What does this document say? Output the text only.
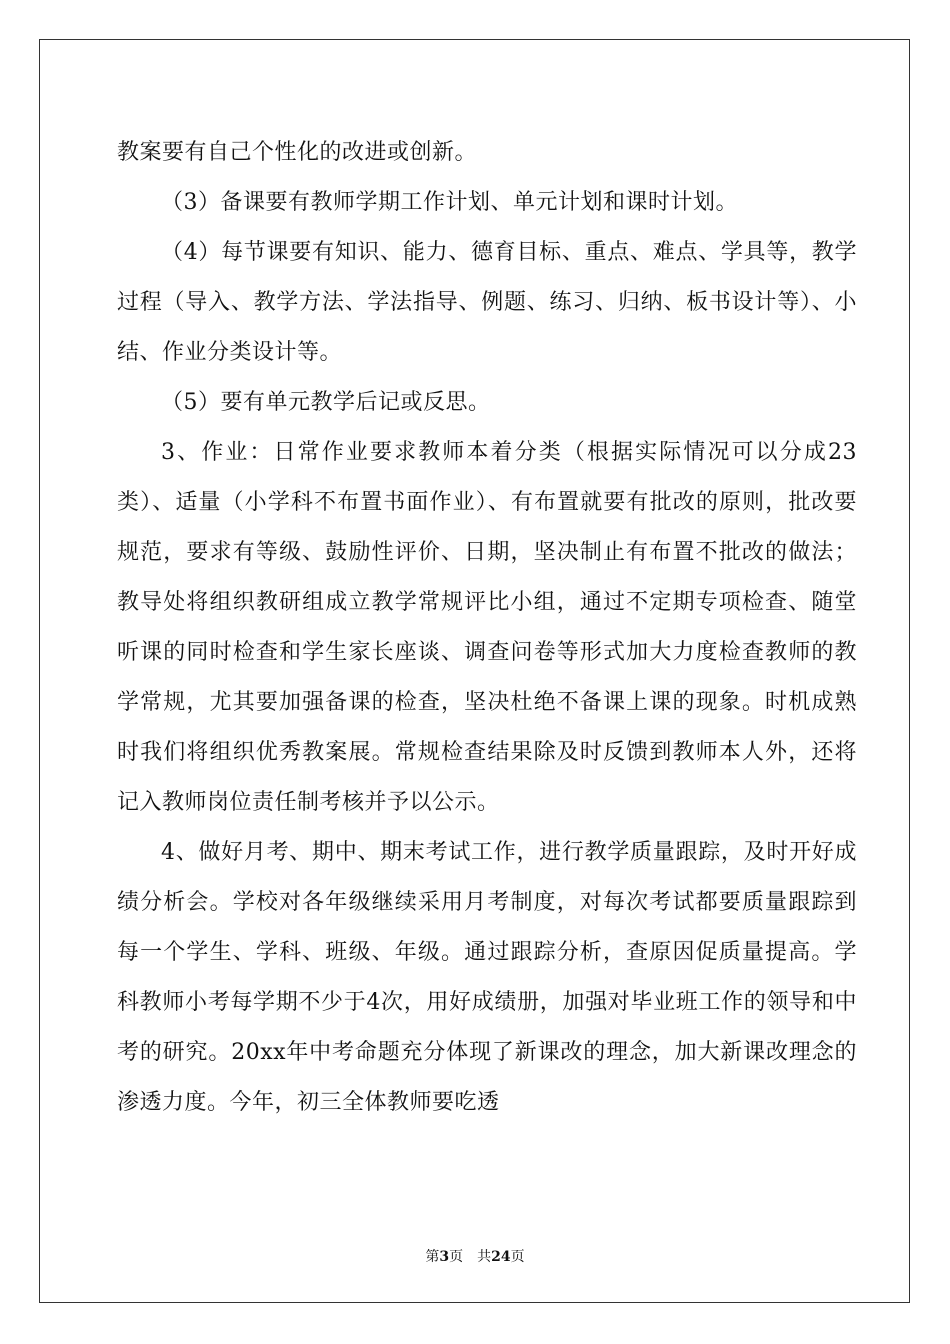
教案要有自己个性化的改进或创新。

（3）备课要有教师学期工作计划、单元计划和课时计划。

（4）每节课要有知识、能力、德育目标、重点、难点、学具等，教学过程（导入、教学方法、学法指导、例题、练习、归纳、板书设计等）、小结、作业分类设计等。

（5）要有单元教学后记或反思。

3、作业：日常作业要求教师本着分类（根据实际情况可以分成23类）、适量（小学科不布置书面作业）、有布置就要有批改的原则，批改要规范，要求有等级、鼓励性评价、日期，坚决制止有布置不批改的做法；教导处将组织教研组成立教学常规评比小组，通过不定期专项检查、随堂听课的同时检查和学生家长座谈、调查问卷等形式加大力度检查教师的教学常规，尤其要加强备课的检查，坚决杜绝不备课上课的现象。时机成熟时我们将组织优秀教案展。常规检查结果除及时反馈到教师本人外，还将记入教师岗位责任制考核并予以公示。

4、做好月考、期中、期末考试工作，进行教学质量跟踪，及时开好成绩分析会。学校对各年级继续采用月考制度，对每次考试都要质量跟踪到每一个学生、学科、班级、年级。通过跟踪分析，查原因促质量提高。学科教师小考每学期不少于4次，用好成绩册，加强对毕业班工作的领导和中考的研究。20xx年中考命题充分体现了新课改的理念，加大新课改理念的渗透力度。今年，初三全体教师要吃透

第3页 共24页
